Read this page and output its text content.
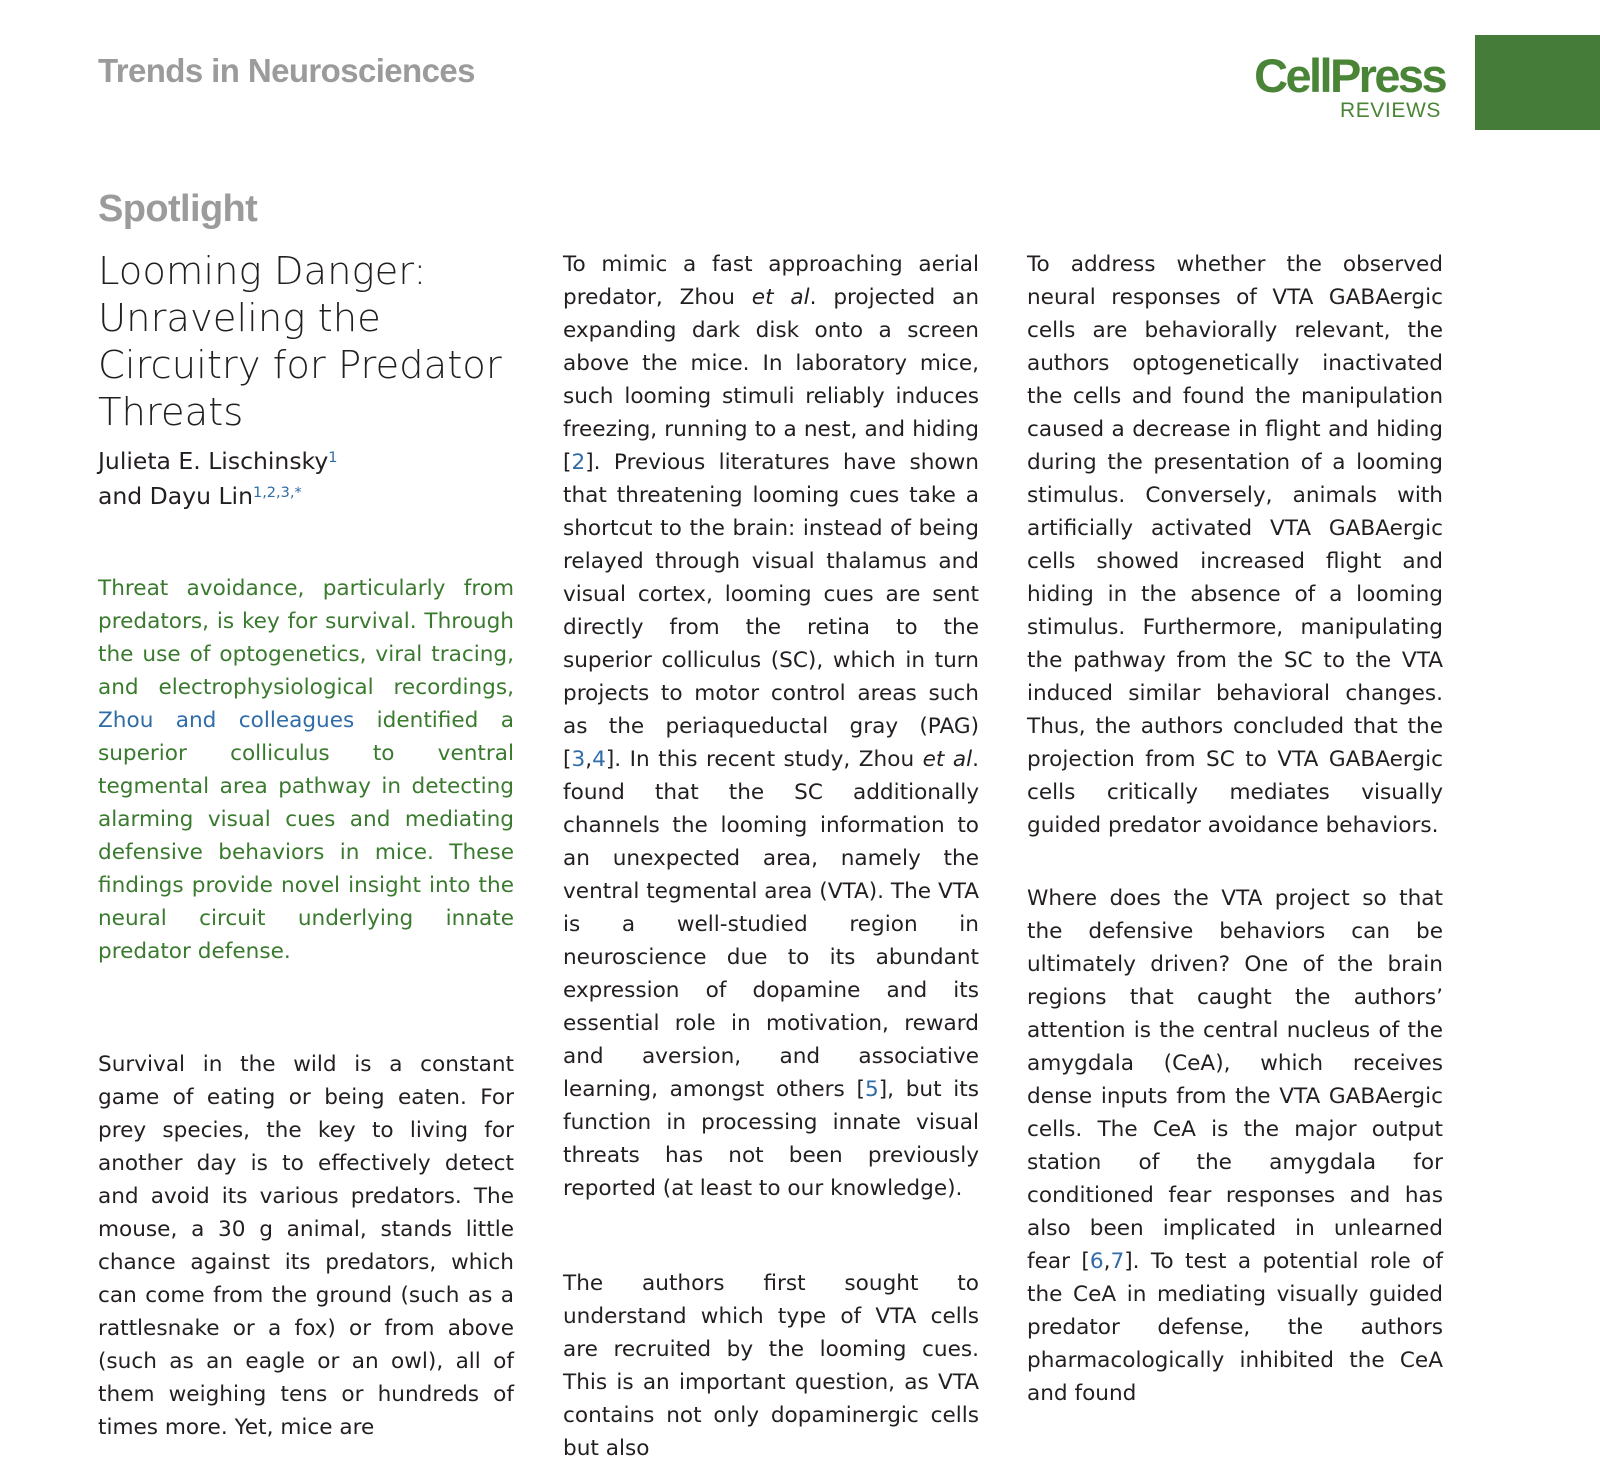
Trends in Neurosciences	CellPress
REVIEWS
Spotlight
Looming Danger:
Unraveling the
Circuitry for Predator
Threats

Julieta E. Lischinsky$^1$
and Dayu Lin$^{1,2,3,*}$

Threat avoidance, particularly from predators, is key for survival. Through the use of optogenetics, viral tracing, and electrophysiological recordings, Zhou and colleagues identified a superior colliculus to ventral tegmental area pathway in detecting alarming visual cues and mediating defensive behaviors in mice. These findings provide novel insight into the neural circuit underlying innate predator defense.

Survival in the wild is a constant game of eating or being eaten. For prey species, the key to living for another day is to effectively detect and avoid its various predators. The mouse, a 30 g animal, stands little chance against its predators, which can come from the ground (such as a rattlesnake or a fox) or from above (such as an eagle or an owl), all of them weighing tens or hundreds of times more. Yet, mice are

To mimic a fast approaching aerial predator, Zhou et al. projected an expanding dark disk onto a screen above the mice. In laboratory mice, such looming stimuli reliably induces freezing, running to a nest, and hiding [2]. Previous literatures have shown that threatening looming cues take a shortcut to the brain: instead of being relayed through visual thalamus and visual cortex, looming cues are sent directly from the retina to the superior colliculus (SC), which in turn projects to motor control areas such as the periaqueductal gray (PAG) [3,4]. In this recent study, Zhou et al. found that the SC additionally channels the looming information to an unexpected area, namely the ventral tegmental area (VTA). The VTA is a well-studied region in neuroscience due to its abundant expression of dopamine and its essential role in motivation, reward and aversion, and associative learning, amongst others [5], but its function in processing innate visual threats has not been previously reported (at least to our knowledge).

The authors first sought to understand which type of VTA cells are recruited by the looming cues. This is an important question, as VTA contains not only dopaminergic cells but also

To address whether the observed neural responses of VTA GABAergic cells are behaviorally relevant, the authors optogenetically inactivated the cells and found the manipulation caused a decrease in flight and hiding during the presentation of a looming stimulus. Conversely, animals with artificially activated VTA GABAergic cells showed increased flight and hiding in the absence of a looming stimulus. Furthermore, manipulating the pathway from the SC to the VTA induced similar behavioral changes. Thus, the authors concluded that the projection from SC to VTA GABAergic cells critically mediates visually guided predator avoidance behaviors.

Where does the VTA project so that the defensive behaviors can be ultimately driven? One of the brain regions that caught the authors’ attention is the central nucleus of the amygdala (CeA), which receives dense inputs from the VTA GABAergic cells. The CeA is the major output station of the amygdala for conditioned fear responses and has also been implicated in unlearned fear [6,7]. To test a potential role of the CeA in mediating visually guided predator defense, the authors pharmacologically inhibited the CeA and found
